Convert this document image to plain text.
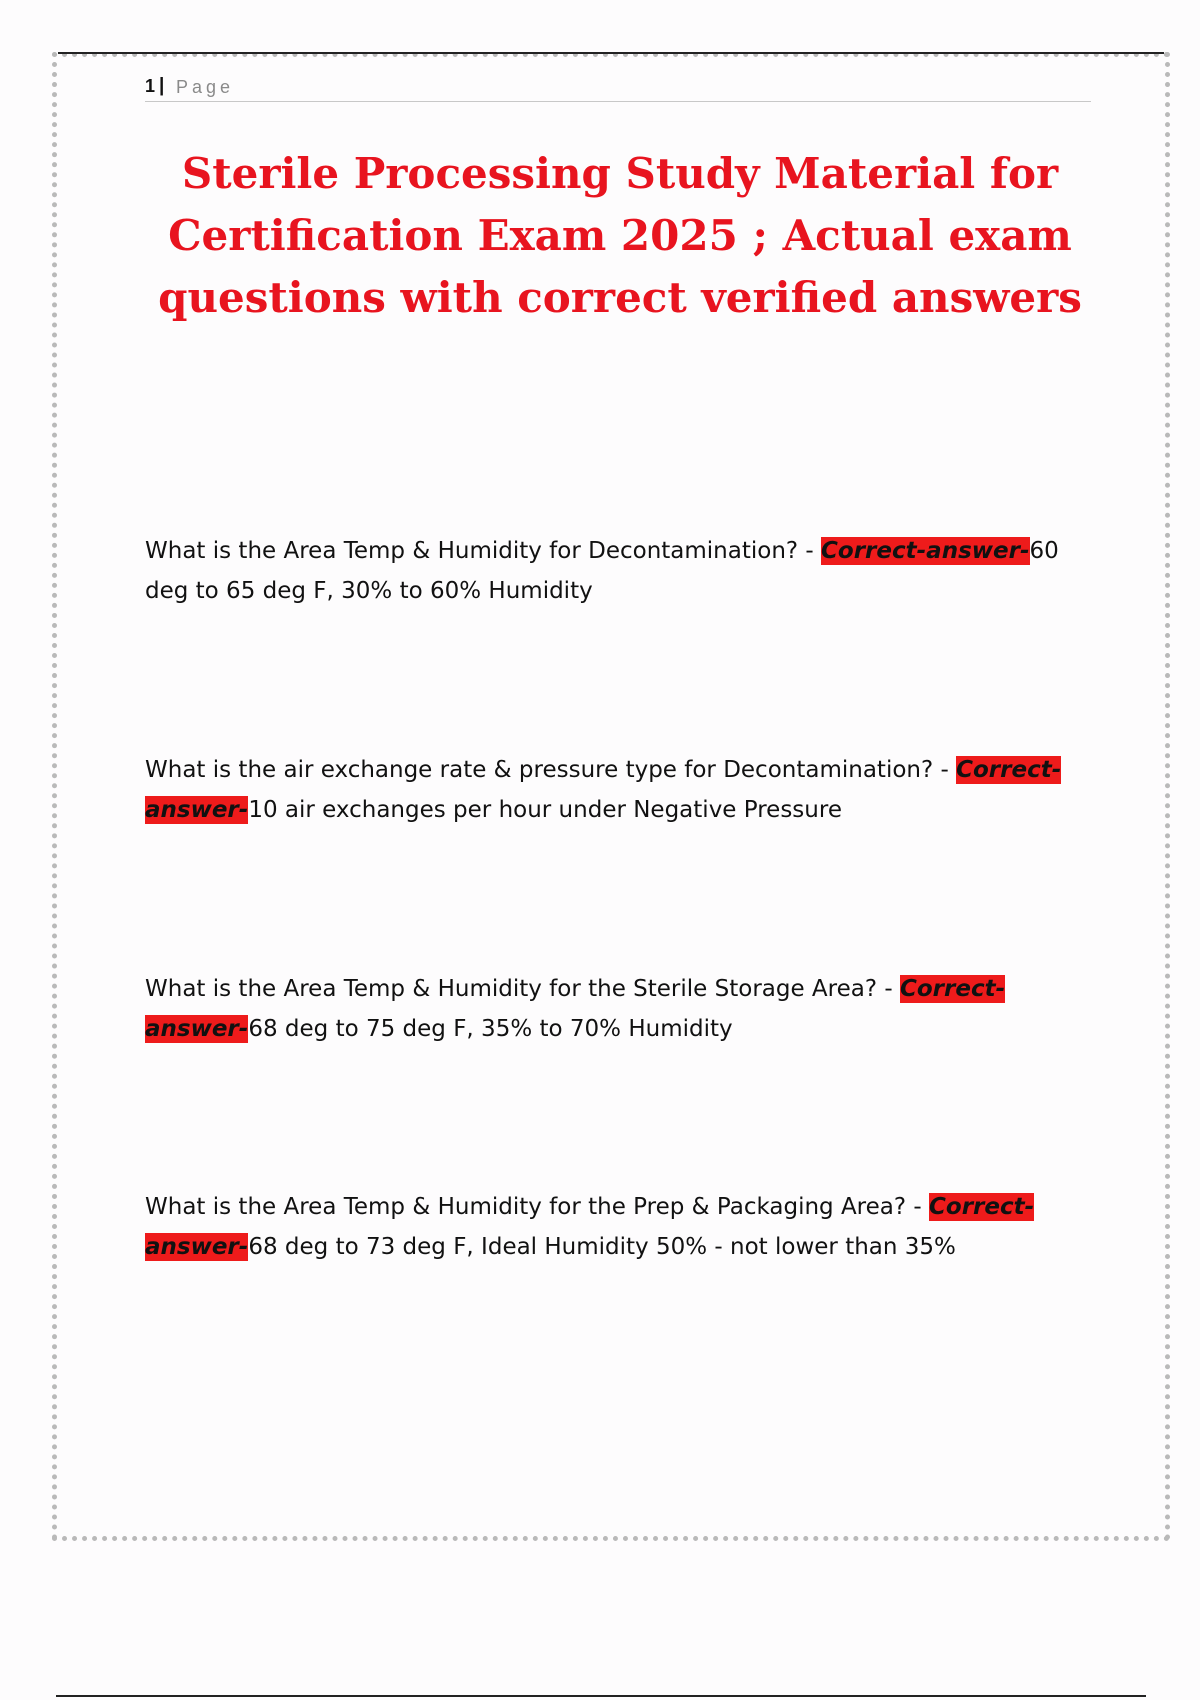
1 | Page
Sterile Processing Study Material for Certification Exam 2025 ; Actual exam questions with correct verified answers
What is the Area Temp & Humidity for Decontamination? - Correct-answer-60 deg to 65 deg F, 30% to 60% Humidity
What is the air exchange rate & pressure type for Decontamination? - Correct-answer-10 air exchanges per hour under Negative Pressure
What is the Area Temp & Humidity for the Sterile Storage Area? - Correct-answer-68 deg to 75 deg F, 35% to 70% Humidity
What is the Area Temp & Humidity for the Prep & Packaging Area? - Correct-answer-68 deg to 73 deg F, Ideal Humidity 50% - not lower than 35%
